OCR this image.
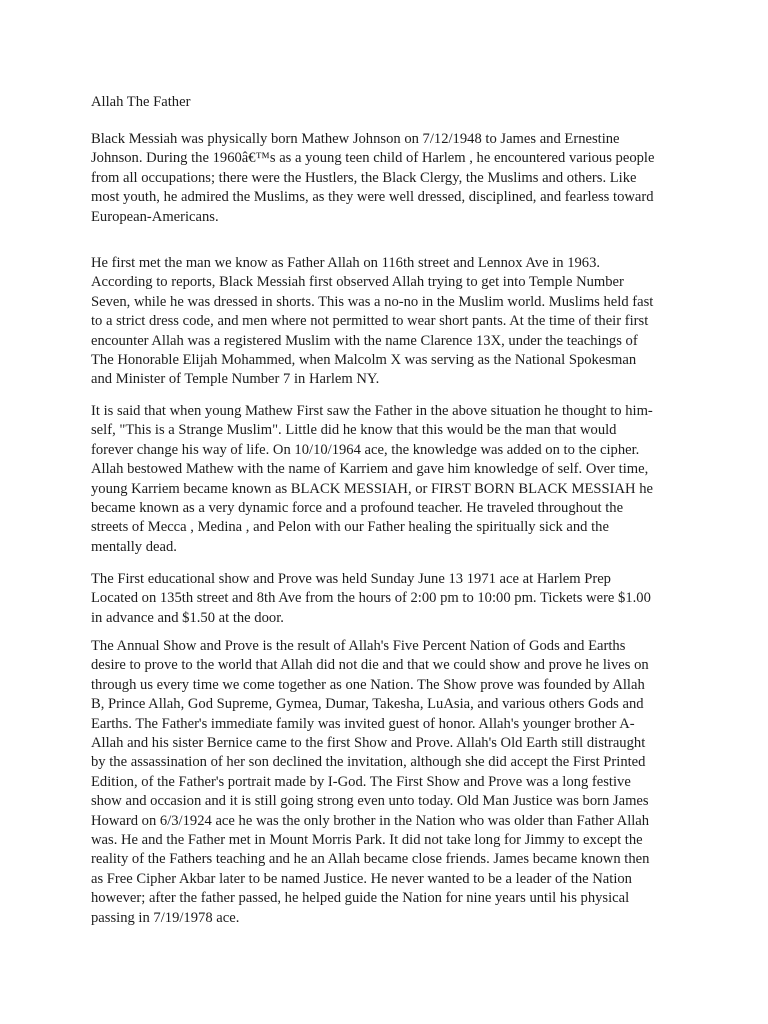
Allah The Father
Black Messiah was physically born Mathew Johnson on 7/12/1948 to James and Ernestine
Johnson. During the 1960â€™s as a young teen child of Harlem , he encountered various people
from all occupations; there were the Hustlers, the Black Clergy, the Muslims and others. Like
most youth, he admired the Muslims, as they were well dressed, disciplined, and fearless toward
European-Americans.
He first met the man we know as Father Allah on 116th street and Lennox Ave in 1963.
According to reports, Black Messiah first observed Allah trying to get into Temple Number
Seven, while he was dressed in shorts. This was a no-no in the Muslim world. Muslims held fast
to a strict dress code, and men where not permitted to wear short pants. At the time of their first
encounter Allah was a registered Muslim with the name Clarence 13X, under the teachings of
The Honorable Elijah Mohammed, when Malcolm X was serving as the National Spokesman
and Minister of Temple Number 7 in Harlem NY.
It is said that when young Mathew First saw the Father in the above situation he thought to him-
self, "This is a Strange Muslim". Little did he know that this would be the man that would
forever change his way of life. On 10/10/1964 ace, the knowledge was added on to the cipher.
Allah bestowed Mathew with the name of Karriem and gave him knowledge of self. Over time,
young Karriem became known as BLACK MESSIAH, or FIRST BORN BLACK MESSIAH he
became known as a very dynamic force and a profound teacher. He traveled throughout the
streets of Mecca , Medina , and Pelon with our Father healing the spiritually sick and the
mentally dead.
The First educational show and Prove was held Sunday June 13 1971 ace at Harlem Prep
Located on 135th street and 8th Ave from the hours of 2:00 pm to 10:00 pm. Tickets were $1.00
in advance and $1.50 at the door.
The Annual Show and Prove is the result of Allah's Five Percent Nation of Gods and Earths
desire to prove to the world that Allah did not die and that we could show and prove he lives on
through us every time we come together as one Nation. The Show prove was founded by Allah
B, Prince Allah, God Supreme, Gymea, Dumar, Takesha, LuAsia, and various others Gods and
Earths. The Father's immediate family was invited guest of honor. Allah's younger brother A-
Allah and his sister Bernice came to the first Show and Prove. Allah's Old Earth still distraught
by the assassination of her son declined the invitation, although she did accept the First Printed
Edition, of the Father's portrait made by I-God. The First Show and Prove was a long festive
show and occasion and it is still going strong even unto today. Old Man Justice was born James
Howard on 6/3/1924 ace he was the only brother in the Nation who was older than Father Allah
was. He and the Father met in Mount Morris Park. It did not take long for Jimmy to except the
reality of the Fathers teaching and he an Allah became close friends. James became known then
as Free Cipher Akbar later to be named Justice. He never wanted to be a leader of the Nation
however; after the father passed, he helped guide the Nation for nine years until his physical
passing in 7/19/1978 ace.
